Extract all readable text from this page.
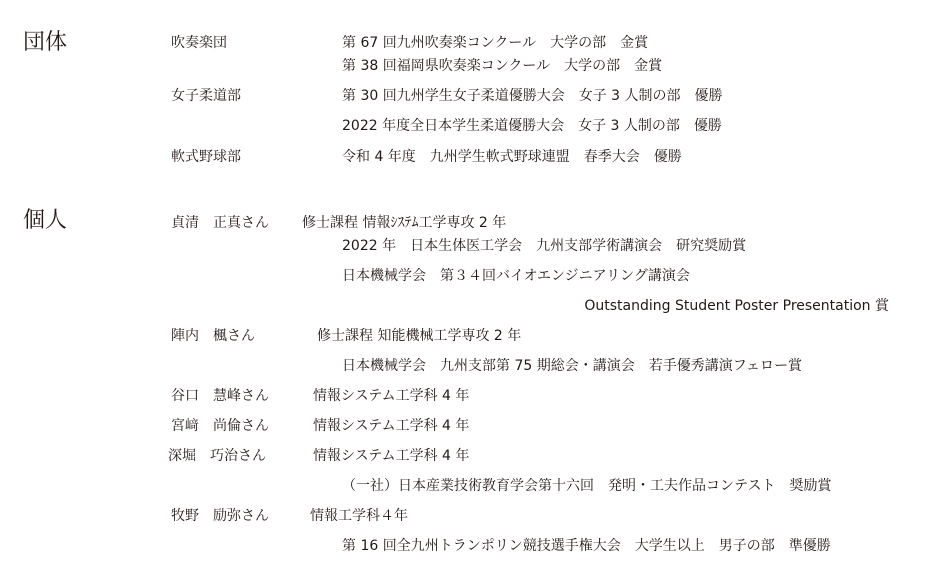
団体	吹奏楽団	第 67 回九州吹奏楽コンクール　大学の部　金賞
第 38 回福岡県吹奏楽コンクール　大学の部　金賞
女子柔道部	第 30 回九州学生女子柔道優勝大会　女子 3 人制の部　優勝
2022 年度全日本学生柔道優勝大会　女子 3 人制の部　優勝
軟式野球部	令和 4 年度　九州学生軟式野球連盟　春季大会　優勝
個人	貞清　正真さん 修士課程 情報ｼｽﾃﾑ工学専攻 2 年
2022 年　日本生体医工学会　九州支部学術講演会　研究奨励賞
日本機械学会　第３４回バイオエンジニアリング講演会
Outstanding Student Poster Presentation 賞
陣内　楓さん	修士課程 知能機械工学専攻 2 年
日本機械学会　九州支部第 75 期総会・講演会　若手優秀講演フェロー賞
谷口　慧峰さん	情報システム工学科 4 年
宮﨑　尚倫さん	情報システム工学科 4 年
深堀　巧治さん	情報システム工学科 4 年
（一社）日本産業技術教育学会第十六回　発明・工夫作品コンテスト　奨励賞
牧野　励弥さん	情報工学科４年
第 16 回全九州トランポリン競技選手権大会　大学生以上　男子の部　準優勝
